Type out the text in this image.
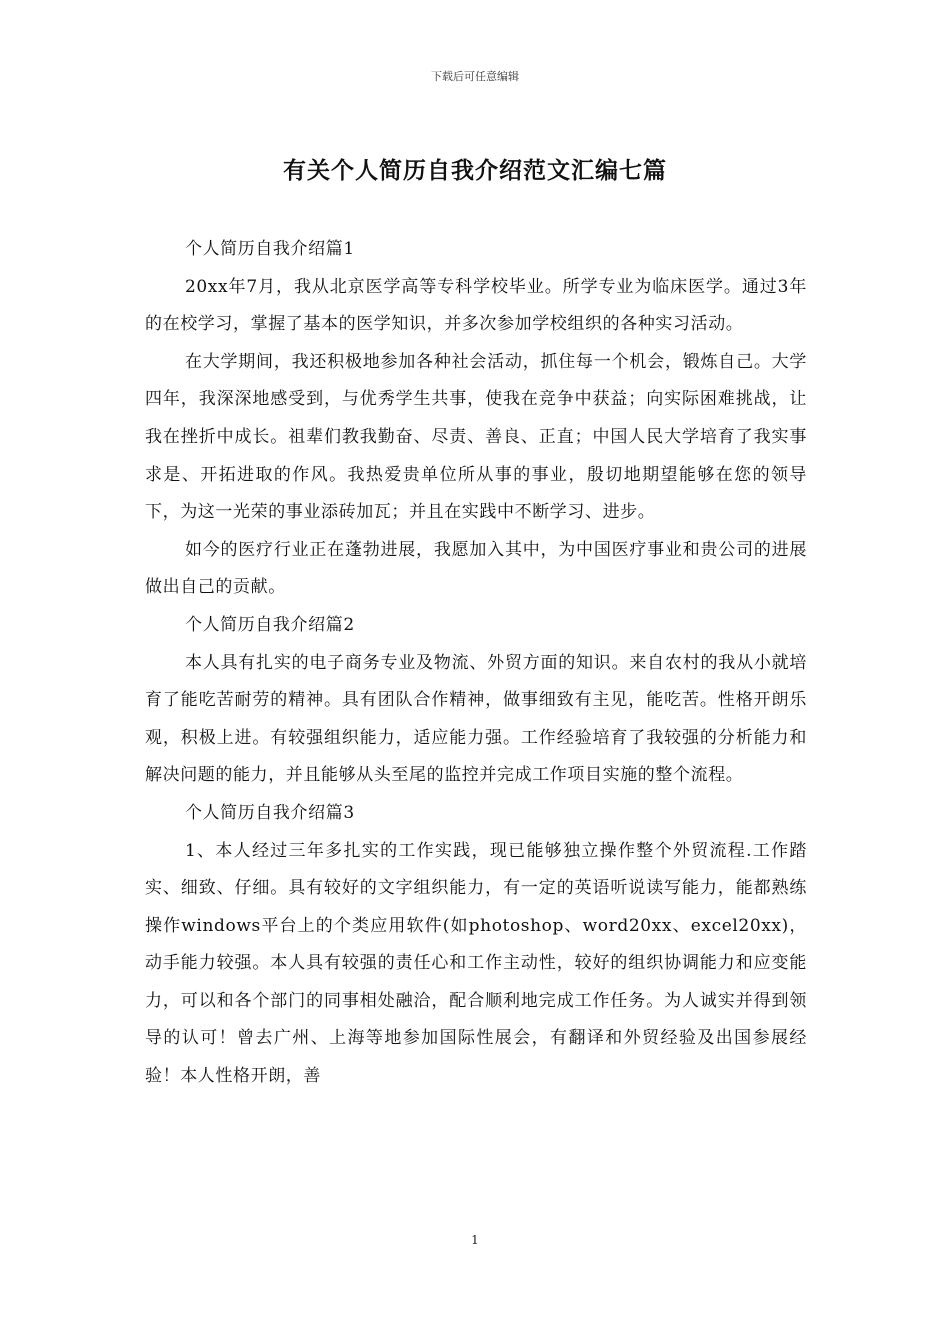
下载后可任意编辑
有关个人简历自我介绍范文汇编七篇

个人简历自我介绍篇1

20xx年7月，我从北京医学高等专科学校毕业。所学专业为临床医学。通过3年的在校学习，掌握了基本的医学知识，并多次参加学校组织的各种实习活动。

在大学期间，我还积极地参加各种社会活动，抓住每一个机会，锻炼自己。大学四年，我深深地感受到，与优秀学生共事，使我在竞争中获益；向实际困难挑战，让我在挫折中成长。祖辈们教我勤奋、尽责、善良、正直；中国人民大学培育了我实事求是、开拓进取的作风。我热爱贵单位所从事的事业，殷切地期望能够在您的领导下，为这一光荣的事业添砖加瓦；并且在实践中不断学习、进步。

如今的医疗行业正在蓬勃进展，我愿加入其中，为中国医疗事业和贵公司的进展做出自己的贡献。

个人简历自我介绍篇2

本人具有扎实的电子商务专业及物流、外贸方面的知识。来自农村的我从小就培育了能吃苦耐劳的精神。具有团队合作精神，做事细致有主见，能吃苦。性格开朗乐观，积极上进。有较强组织能力，适应能力强。工作经验培育了我较强的分析能力和解决问题的能力，并且能够从头至尾的监控并完成工作项目实施的整个流程。

个人简历自我介绍篇3

1、本人经过三年多扎实的工作实践，现已能够独立操作整个外贸流程.工作踏实、细致、仔细。具有较好的文字组织能力，有一定的英语听说读写能力，能都熟练操作windows平台上的个类应用软件(如photoshop、word20xx、excel20xx)，动手能力较强。本人具有较强的责任心和工作主动性，较好的组织协调能力和应变能力，可以和各个部门的同事相处融洽，配合顺利地完成工作任务。为人诚实并得到领导的认可！曾去广州、上海等地参加国际性展会，有翻译和外贸经验及出国参展经验！本人性格开朗，善

1
